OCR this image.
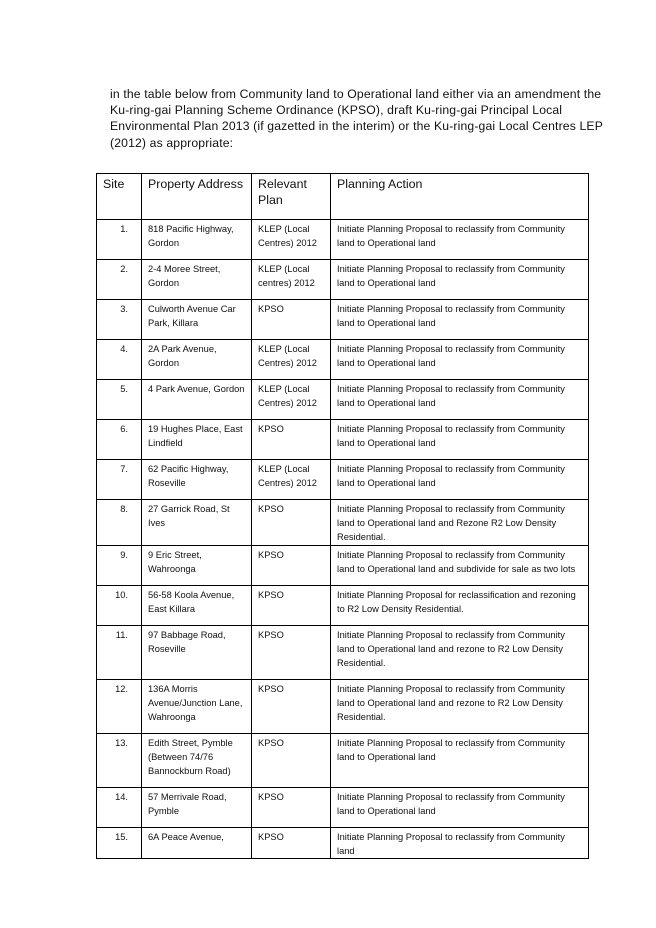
in the table below from Community land to Operational land either via an amendment the Ku-ring-gai Planning Scheme Ordinance (KPSO), draft Ku-ring-gai Principal Local Environmental Plan 2013 (if gazetted in the interim) or the Ku-ring-gai Local Centres LEP (2012) as appropriate:

Site	Property Address	Relevant Plan	Planning Action
1.	818 Pacific Highway, Gordon	KLEP (Local Centres) 2012	Initiate Planning Proposal to reclassify from Community land to Operational land
2.	2-4 Moree Street, Gordon	KLEP (Local centres) 2012	Initiate Planning Proposal to reclassify from Community land to Operational land
3.	Culworth Avenue Car Park, Killara	KPSO	Initiate Planning Proposal to reclassify from Community land to Operational land
4.	2A Park Avenue, Gordon	KLEP (Local Centres) 2012	Initiate Planning Proposal to reclassify from Community land to Operational land
5.	4 Park Avenue, Gordon	KLEP (Local Centres) 2012	Initiate Planning Proposal to reclassify from Community land to Operational land
6.	19 Hughes Place, East Lindfield	KPSO	Initiate Planning Proposal to reclassify from Community land to Operational land
7.	62 Pacific Highway, Roseville	KLEP (Local Centres) 2012	Initiate Planning Proposal to reclassify from Community land to Operational land
8.	27 Garrick Road, St Ives	KPSO	Initiate Planning Proposal to reclassify from Community land to Operational land and Rezone R2 Low Density Residential.
9.	9 Eric Street, Wahroonga	KPSO	Initiate Planning Proposal to reclassify from Community land to Operational land and subdivide for sale as two lots
10.	56-58 Koola Avenue, East Killara	KPSO	Initiate Planning Proposal for reclassification and rezoning to R2 Low Density Residential.
11.	97 Babbage Road, Roseville	KPSO	Initiate Planning Proposal to reclassify from Community land to Operational land and rezone to R2 Low Density Residential.
12.	136A Morris Avenue/Junction Lane, Wahroonga	KPSO	Initiate Planning Proposal to reclassify from Community land to Operational land and rezone to R2 Low Density Residential.
13.	Edith Street, Pymble (Between 74/76 Bannockburn Road)	KPSO	Initiate Planning Proposal to reclassify from Community land to Operational land
14.	57 Merrivale Road, Pymble	KPSO	Initiate Planning Proposal to reclassify from Community land to Operational land
15.	6A Peace Avenue,	KPSO	Initiate Planning Proposal to reclassify from Community land
